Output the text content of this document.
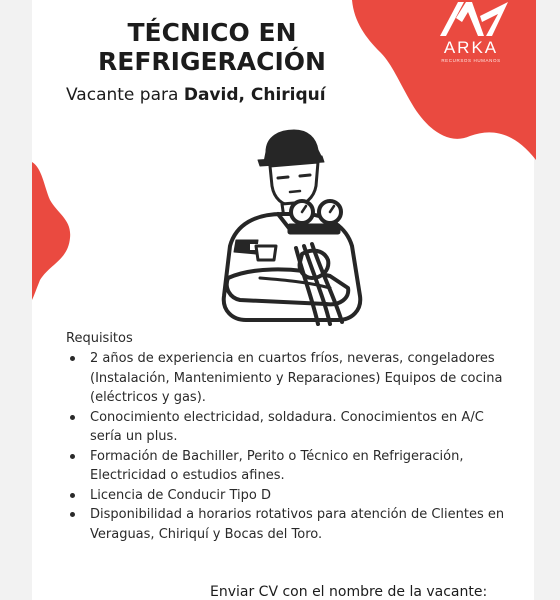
ARKA
RECURSOS HUMANOS
TÉCNICO EN
REFRIGERACIÓN

Vacante para David, Chiriquí

Requisitos

2 años de experiencia en cuartos fríos, neveras, congeladores (Instalación, Mantenimiento y Reparaciones) Equipos de cocina (eléctricos y gas).
Conocimiento electricidad, soldadura. Conocimientos en A/C sería un plus.
Formación de Bachiller, Perito o Técnico en Refrigeración, Electricidad o estudios afines.
Licencia de Conducir Tipo D
Disponibilidad a horarios rotativos para atención de Clientes en Veraguas, Chiriquí y Bocas del Toro.

Enviar CV con el nombre de la vacante:
